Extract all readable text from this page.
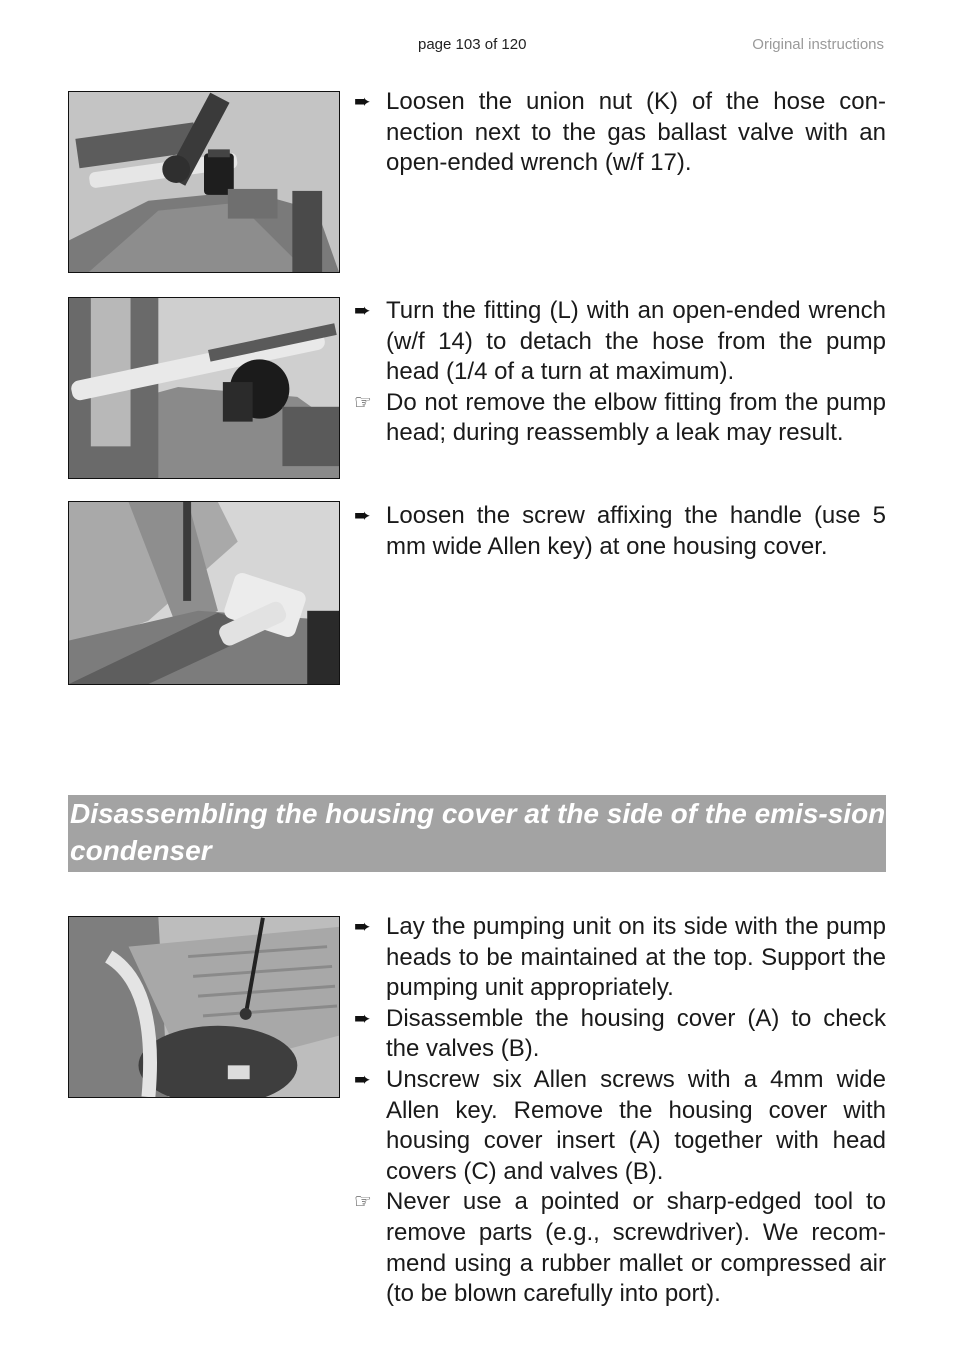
page 103 of 120	Original instructions
➨ Loosen the union nut (K) of the hose con-nection next to the gas ballast valve with an open-ended wrench (w/f 17).
➨ Turn the fitting (L) with an open-ended wrench (w/f 14) to detach the hose from the pump head (1/4 of a turn at maximum).
☞ Do not remove the elbow fitting from the pump head; during reassembly a leak may result.
➨ Loosen the screw affixing the handle (use 5 mm wide Allen key) at one housing cover.
Disassembling the housing cover at the side of the emis-sion condenser
➨ Lay the pumping unit on its side with the pump heads to be maintained at the top. Support the pumping unit appropriately.
➨ Disassemble the housing cover (A) to check the valves (B).
➨ Unscrew six Allen screws with a 4mm wide Allen key. Remove the housing cover with housing cover insert (A) together with head covers (C) and valves (B).
☞ Never use a pointed or sharp-edged tool to remove parts (e.g., screwdriver). We recom-mend using a rubber mallet or compressed air (to be blown carefully into port).
